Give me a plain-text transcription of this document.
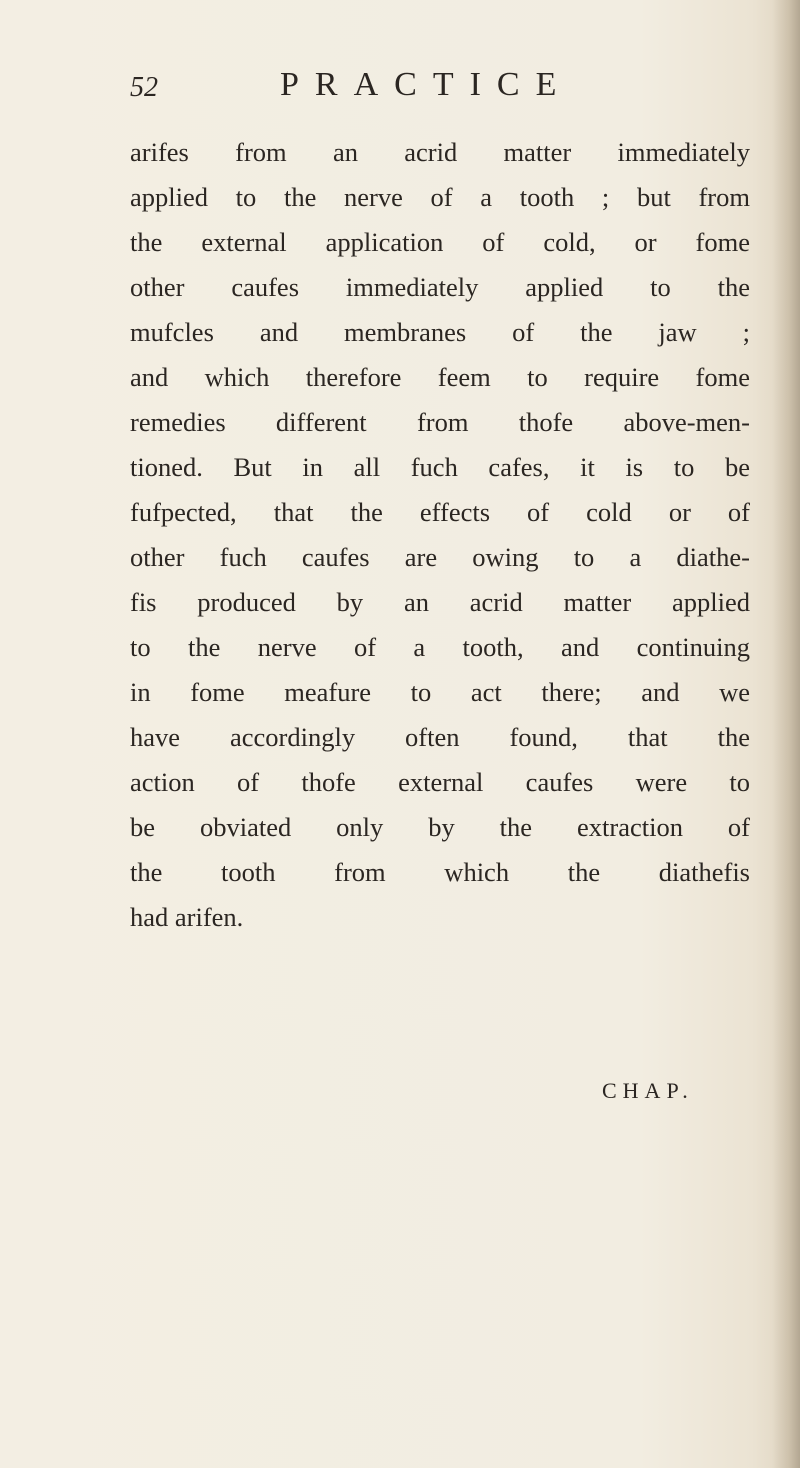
52	PRACTICE
arifes from an acrid matter immediately
applied to the nerve of a tooth ; but from
the external application of cold, or fome
other caufes immediately applied to the
mufcles and membranes of the jaw ;
and which therefore feem to require fome
remedies different from thofe above-men-
tioned. But in all fuch cafes, it is to be
fufpected, that the effects of cold or of
other fuch caufes are owing to a diathe-
fis produced by an acrid matter applied
to the nerve of a tooth, and continuing
in fome meafure to act there; and we
have accordingly often found, that the
action of thofe external caufes were to
be obviated only by the extraction of
the tooth from which the diathefis
had arifen.
CHAP.
